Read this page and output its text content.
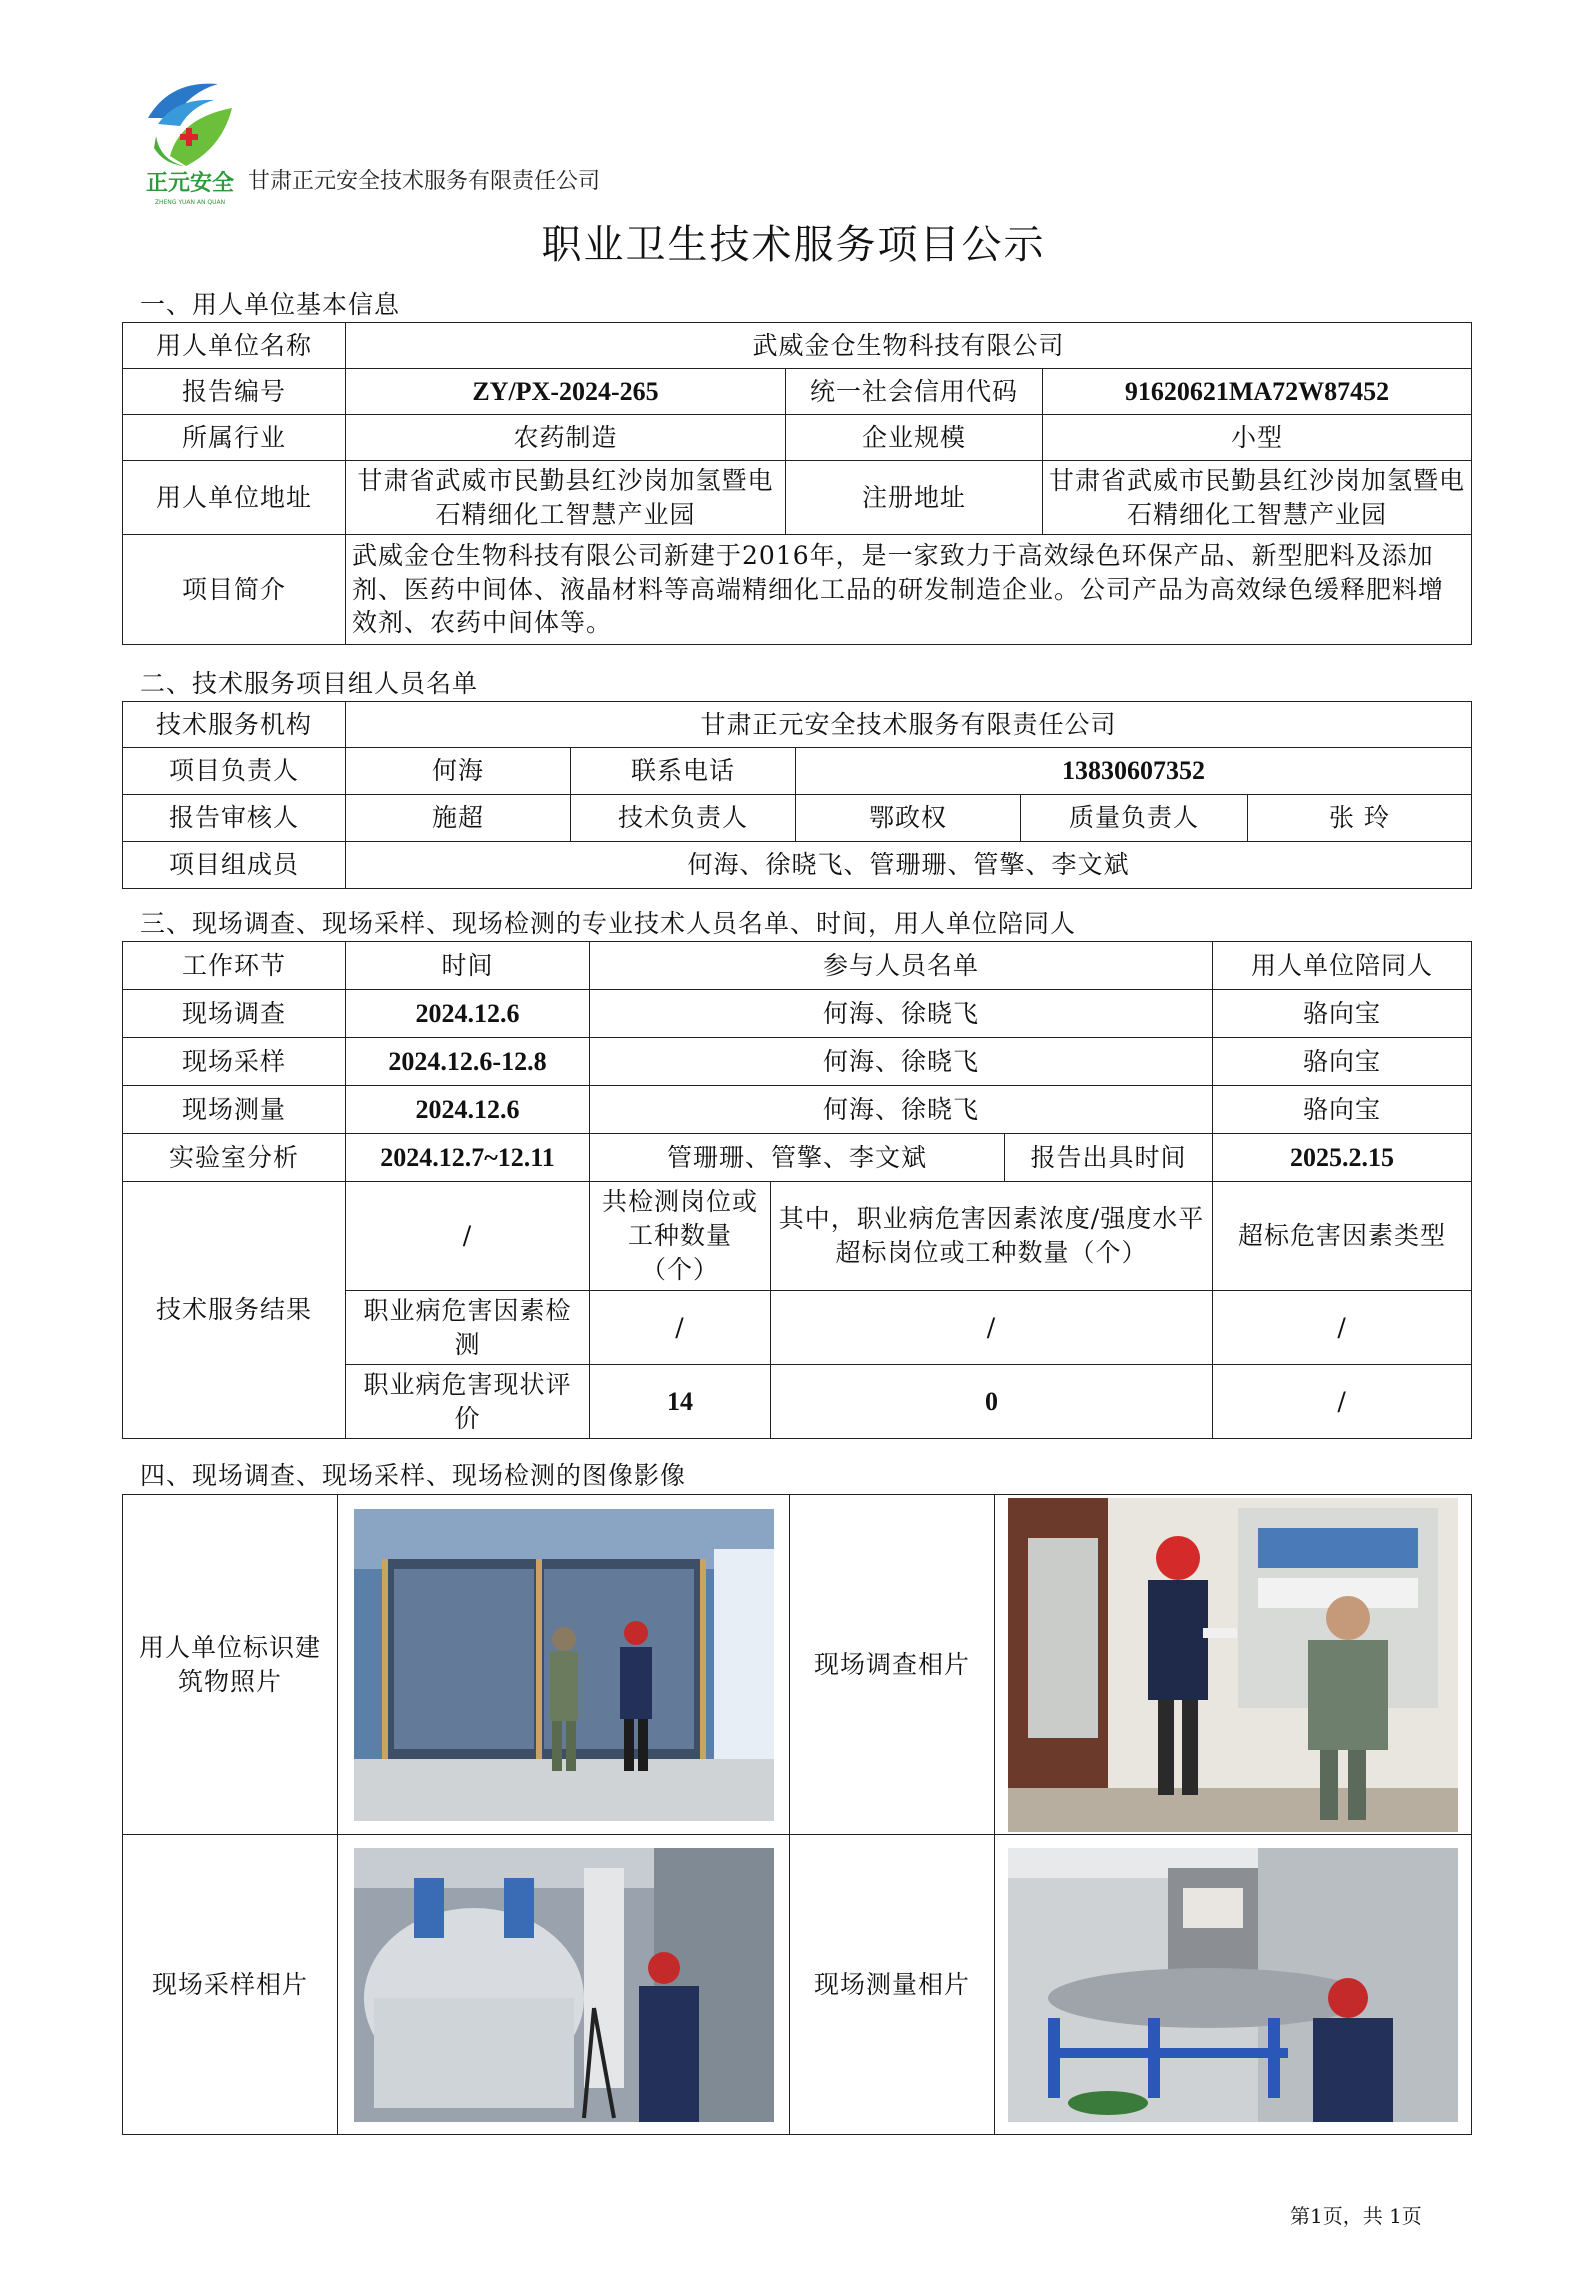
正元安全
ZHENG YUAN AN QUAN
甘肃正元安全技术服务有限责任公司
职业卫生技术服务项目公示
一、用人单位基本信息
用人单位名称	武威金仓生物科技有限公司		
报告编号	ZY/PX-2024-265	统一社会信用代码	91620621MA72W87452
所属行业	农药制造	企业规模	小型
用人单位地址	甘肃省武威市民勤县红沙岗加氢暨电石精细化工智慧产业园	注册地址	甘肃省武威市民勤县红沙岗加氢暨电石精细化工智慧产业园
项目简介	武威金仓生物科技有限公司新建于2016年，是一家致力于高效绿色环保产品、新型肥料及添加剂、医药中间体、液晶材料等高端精细化工品的研发制造企业。公司产品为高效绿色缓释肥料增效剂、农药中间体等。		
二、技术服务项目组人员名单
技术服务机构	甘肃正元安全技术服务有限责任公司				
项目负责人	何海	联系电话	13830607352		
报告审核人	施超	技术负责人	鄂政权	质量负责人	张 玲
项目组成员	何海、徐晓飞、管珊珊、管擎、李文斌				
三、现场调查、现场采样、现场检测的专业技术人员名单、时间，用人单位陪同人
工作环节	时间	参与人员名单			用人单位陪同人
现场调查	2024.12.6	何海、徐晓飞			骆向宝
现场采样	2024.12.6-12.8	何海、徐晓飞			骆向宝
现场测量	2024.12.6	何海、徐晓飞			骆向宝
实验室分析	2024.12.7~12.11	管珊珊、管擎、李文斌		报告出具时间	2025.2.15
技术服务结果	/	共检测岗位或工种数量（个）	其中，职业病危害因素浓度/强度水平超标岗位或工种数量（个）		超标危害因素类型
	职业病危害因素检测	/	/		/
	职业病危害现状评价	14	0		/
四、现场调查、现场采样、现场检测的图像影像
用人单位标识建筑物照片		现场调查相片	

现场采样相片		现场测量相片	
第1页，共 1页
